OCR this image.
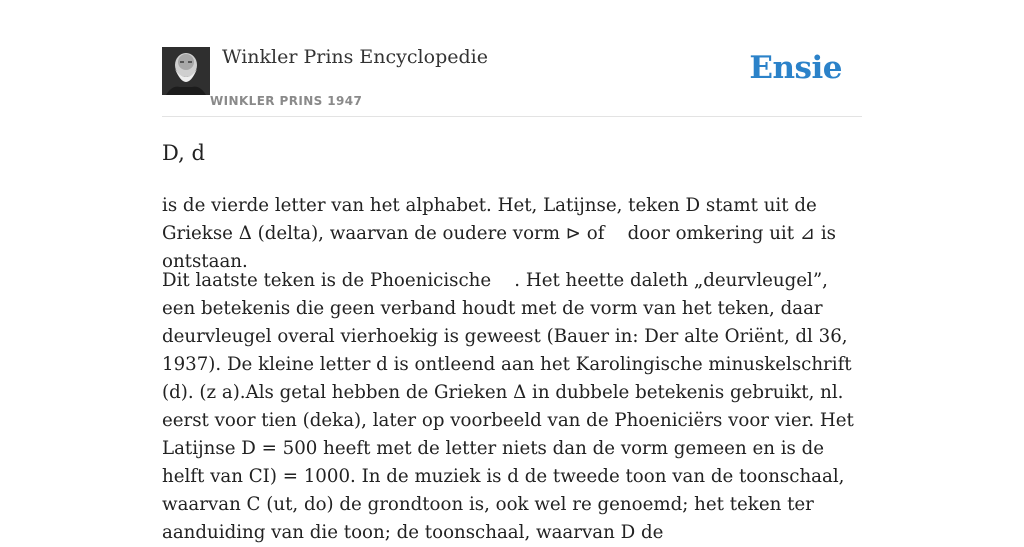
Winkler Prins Encyclopedie
WINKLER PRINS 1947
Ensie
D, d

is de vierde letter van het alphabet. Het, Latijnse, teken D stamt uit de Griekse Δ (delta), waarvan de oudere vorm ⊳ of    door omkering uit ⊿ is ontstaan.

Dit laatste teken is de Phoenicische    . Het heette daleth „deurvleugel”, een betekenis die geen verband houdt met de vorm van het teken, daar deurvleugel overal vierhoekig is geweest (Bauer in: Der alte Oriënt, dl 36, 1937). De kleine letter d is ontleend aan het Karolingische minuskelschrift (d). (z a).Als getal hebben de Grieken Δ in dubbele betekenis gebruikt, nl. eerst voor tien (deka), later op voorbeeld van de Phoeniciërs voor vier. Het Latijnse D = 500 heeft met de letter niets dan de vorm gemeen en is de helft van CI) = 1000. In de muziek is d de tweede toon van de toonschaal, waarvan C (ut, do) de grondtoon is, ook wel re genoemd; het teken ter aanduiding van die toon; de toonschaal, waarvan D de
